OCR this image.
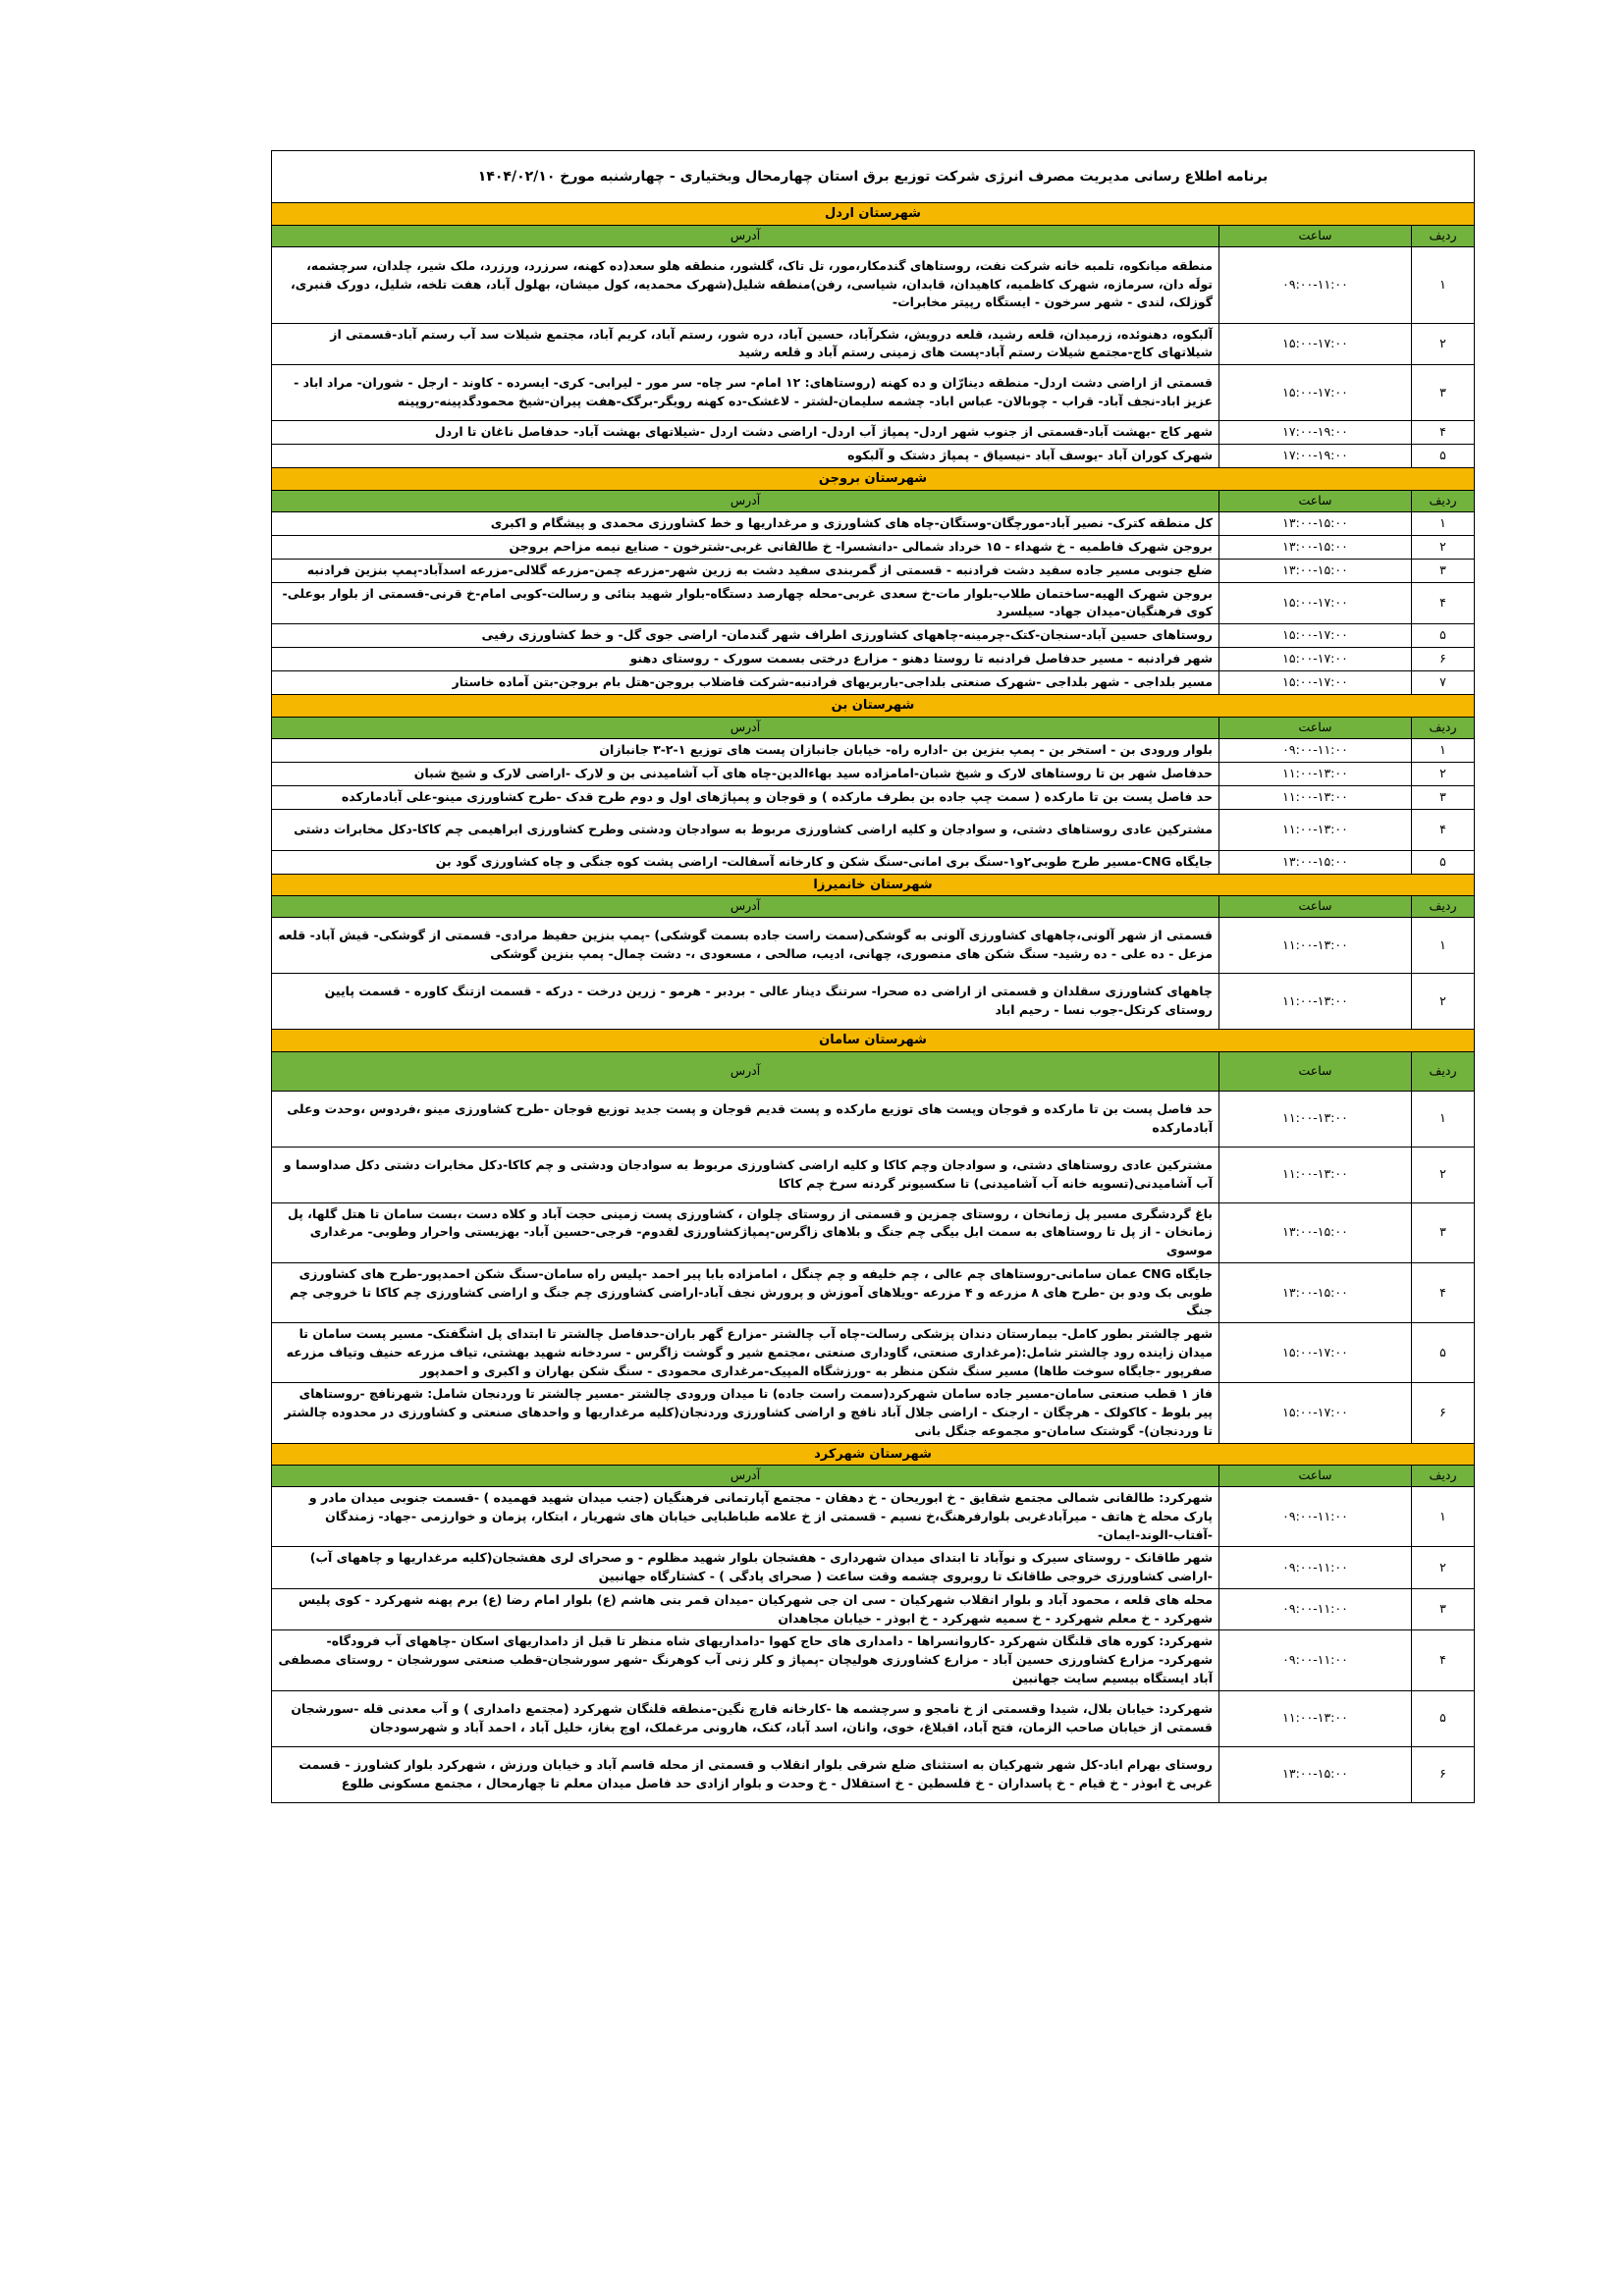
برنامه اطلاع رسانی مدیریت مصرف انرژی شرکت توزیع برق استان چهارمحال وبختیاری - چهارشنبه مورخ ۱۴۰۴/۰۲/۱۰		
شهرستان اردل		
ردیف	ساعت	آدرس
۱	۰۹:۰۰-۱۱:۰۰	منطقه میانکوه، تلمبه خانه شرکت نفت، روستاهای گندمکار،مور، تل تاک، گلشور، منطقه هلو سعد(ده کهنه، سرزرد، ورزرد، ملک شیر، چلدان، سرچشمه، تولَه دان، سرمازه، شهرک کاظمیه، کاهیدان، قابدان، شیاسی، رفن)منطقه شلیل(شهرک محمدیه، کول میشان، بهلول آباد، هفت تلخه، شلیل، دورک قنبری، گوزلک، لندی - شهر سرخون - ایستگاه رپیتر مخابرات-
۲	۱۵:۰۰-۱۷:۰۰	آلبکوه، دهنوئده، زرمیدان، قلعه رشید، قلعه درویش، شکرآباد، حسین آباد، دره شور، رستم آباد، کریم آباد، مجتمع شیلات سد آب رستم آباد-قسمتی از شیلاتهای کاج-مجتمع شیلات رستم آباد-پست های زمینی رستم آباد و قلعه رشید
۳	۱۵:۰۰-۱۷:۰۰	قسمتی از اراضی دشت اردل- منطقه دینارّان و ده کهنه (روستاهای: ۱۲ امام- سر چاه- سر مور - لیرابی- کری- ایسرده - کاوند - ارجل - شوران- مراد اباد - عزیز اباد-نجف آباد- قراب - چوبالان- عباس اباد- چشمه سلیمان-لشتر - لاغشک-ده کهنه رویگر-برگک-هفت پیران-شیخ محمودگدپینه-روپینه
۴	۱۷:۰۰-۱۹:۰۰	شهر کاج -بهشت آباد-قسمتی از جنوب شهر اردل- پمپاژ آب اردل- اراضی دشت اردل -شیلاتهای بهشت آباد- حدفاصل ناغان تا اردل
۵	۱۷:۰۰-۱۹:۰۰	شهرک کوران آباد -یوسف آباد -نیسیاق - پمپاژ دشتک و آلبکوه
شهرستان بروجن		
ردیف	ساعت	آدرس
۱	۱۳:۰۰-۱۵:۰۰	کل منطقه کترک- نصیر آباد-مورچگان-وستگان-چاه های کشاورزی و مرغداریها و خط کشاورزی محمدی و پیشگام و اکبری
۲	۱۳:۰۰-۱۵:۰۰	بروجن شهرک فاطمیه - خ شهداء - ۱۵ خرداد شمالی -دانشسرا- خ طالقانی غربی-شترخون - صنایع نیمه مزاحم بروجن
۳	۱۳:۰۰-۱۵:۰۰	ضلع جنوبی مسیر جاده سفید دشت فرادنبه - قسمتی از گمربندی سفید دشت به زرین شهر-مزرعه چمن-مزرعه گلالی-مزرعه اسدآباد-پمپ بنزین فرادنبه
۴	۱۵:۰۰-۱۷:۰۰	بروجن شهرک الهیه-ساختمان طلاب-بلوار مات-خ سعدی غربی-محله چهارصد دستگاه-بلوار شهید بنائی و رسالت-کوبی امام-خ قرنی-قسمتی از بلوار بوعلی- کوی فرهنگیان-میدان جهاد- سیلسرد
۵	۱۵:۰۰-۱۷:۰۰	روستاهای حسین آباد-سنجان-کتک-چرمینه-چاههای کشاورزی اطراف شهر گندمان- اراضی جوی گل- و خط کشاورزی رفیی
۶	۱۵:۰۰-۱۷:۰۰	شهر فرادنبه - مسیر حدفاصل فرادنبه تا روستا دهنو - مزارع درختی بسمت سورک - روستای دهنو
۷	۱۵:۰۰-۱۷:۰۰	مسیر بلداجی - شهر بلداجی -شهرک صنعتی بلداجی-باربریهای فرادنبه-شرکت فاضلاب بروجن-هتل بام بروجن-بتن آماده خاستار
شهرستان بن		
ردیف	ساعت	آدرس
۱	۰۹:۰۰-۱۱:۰۰	بلوار ورودی بن - استخر بن - پمپ بنزین بن -اداره راه- خیابان جانبازان پست های توزیع ۱-۲-۳ جانبازان
۲	۱۱:۰۰-۱۳:۰۰	حدفاصل شهر بن تا روستاهای لارک و شیخ شبان-امامزاده سید بهاءالدین-چاه های آب آشامیدنی بن و لارک -اراضی لارک و شیخ شبان
۳	۱۱:۰۰-۱۳:۰۰	حد فاصل پست بن تا مارکده ( سمت چپ جاده بن بطرف مارکده ) و قوجان و پمپاژهای اول و دوم طرح قدک -طرح کشاورزی مینو-علی آبادمارکده
۴	۱۱:۰۰-۱۳:۰۰	مشترکین عادی روستاهای دشتی، و سوادجان و کلیه اراضی کشاورزی مربوط به سوادجان ودشتی وطرح کشاورزی ابراهیمی چم کاکا-دکل مخابرات دشتی
۵	۱۳:۰۰-۱۵:۰۰	جایگاه CNG-مسیر طرح طوبی۲و۱-سنگ بری امانی-سنگ شکن و کارخانه آسفالت- اراضی پشت کوه جنگی و چاه کشاورزی گود بن
شهرستان خانمیرزا		
ردیف	ساعت	آدرس
۱	۱۱:۰۰-۱۳:۰۰	قسمتی از شهر آلونی،چاههای کشاورزی آلونی به گوشکی(سمت راست جاده بسمت گوشکی) -پمپ بنزین حفیظ مرادی- قسمتی از گوشکی- قیش آباد- قلعه مزعل - ده علی - ده رشید- سنگ شکن های منصوری، چهانی، ادیب، صالحی ، مسعودی ،- دشت چمال- پمپ بنزین گوشکی
۲	۱۱:۰۰-۱۳:۰۰	چاههای کشاورزی سقلدان و قسمتی از اراضی ده صحرا- سرتنگ دینار عالی - بردبر - هرمو - زرین درخت - درکه - قسمت ازتنگ کاوره - قسمت پایین روستای کرتکل-جوب نسا - رحیم اباد
شهرستان سامان		
ردیف	ساعت	آدرس
۱	۱۱:۰۰-۱۳:۰۰	حد فاصل پست بن تا مارکده و قوجان وپست های توزیع مارکده و پست قدیم قوجان و پست جدید توزیع قوجان -طرح کشاورزی مینو ،فردوس ،وحدت وعلی آبادمارکده
۲	۱۱:۰۰-۱۳:۰۰	مشترکین عادی روستاهای دشتی، و سوادجان وچم کاکا و کلیه اراضی کشاورزی مربوط به سوادجان ودشتی و چم کاکا-دکل مخابرات دشتی دکل صداوسما و آب آشامیدنی(تسویه خانه آب آشامیدنی) تا سکسیونر گردنه سرخ چم کاکا
۳	۱۳:۰۰-۱۵:۰۰	باغ گردشگری مسیر پل زمانخان ، روستای چمزین و قسمتی از روستای چلوان ، کشاورزی پست زمینی حجت آباد و کلاه دست ،بست سامان تا هتل گلها، پل زمانخان - از پل تا روستاهای به سمت ابل بیگی چم جنگ و بلاهای زاگرس-پمپاژکشاورزی لقدوم- فرجی-حسین آباد- بهزیستی واحرار وطوبی- مرغداری موسوی
۴	۱۳:۰۰-۱۵:۰۰	جایگاه CNG عمان سامانی-روستاهای چم عالی ، چم خلیفه و چم چنگل ، امامزاده بابا پیر احمد -پلیس راه سامان-سنگ شکن احمدپور-طرح های کشاورزی طوبی بک ودو بن -طرح های ۸ مزرعه و ۴ مزرعه -ویلاهای آموزش و پرورش نجف آباد-اراضی کشاورزی چم جنگ و اراضی کشاورزی چم کاکا تا خروجی چم جنگ
۵	۱۵:۰۰-۱۷:۰۰	شهر چالشتر بطور کامل- بیمارستان دندان پزشکی رسالت-چاه آب چالشتر -مزارع گهر باران-حدفاصل چالشتر تا ابتدای پل اشگفتک- مسیر پست سامان تا میدان زاینده رود چالشتر شامل:(مرغداری صنعتی، گاوداری صنعتی ،مجتمع شیر و گوشت زاگرس - سردخانه شهید بهشتی، تیاف مزرعه حنیف وتیاف مزرعه صفرپور -جایگاه سوخت طاها) مسیر سنگ شکن منظر به -ورزشگاه المپیک-مرغداری محمودی - سنگ شکن بهاران و اکبری و احمدپور
۶	۱۵:۰۰-۱۷:۰۰	فاز ۱ قطب صنعتی سامان-مسیر جاده سامان شهرکرد(سمت راست جاده) تا میدان ورودی چالشتر -مسیر چالشتر تا وردنجان شامل: شهرنافچ -روستاهای پیر بلوط - کاکولک - هرچگان - ارجنک - اراضی جلال آباد نافچ و اراضی کشاورزی وردنجان(کلیه مرغداریها و واحدهای صنعتی و کشاورزی در محدوده چالشتر تا وردنجان)- گوشتک سامان-و مجموعه جنگل بانی
شهرستان شهرکرد		
ردیف	ساعت	آدرس
۱	۰۹:۰۰-۱۱:۰۰	شهرکرد: طالقانی شمالی مجتمع شقایق - خ ابوریحان - خ دهقان - مجتمع آپارتمانی فرهنگیان (جنب میدان شهید فهمیده ) -قسمت جنوبی میدان مادر و پارک محله خ هاتف - میرآبادغربی بلوارفرهنگ،خ نسیم - قسمتی از خ علامه طباطبایی خیابان های شهریار ، ابتکار، پزمان و خوارزمی -جهاد- زمندگان -آفتاب-الوند-ایمان-
۲	۰۹:۰۰-۱۱:۰۰	شهر طاقانک - روستای سیرک و نوآباد تا ابتدای میدان شهرداری - هفشجان بلوار شهید مظلوم - و صحرای لری هفشجان(کلیه مرغداریها و چاههای آب) -اراضی کشاورزی خروجی طاقانک تا روبروی چشمه وقت ساعت ( صحرای پادگی ) - کشتارگاه جهانبین
۳	۰۹:۰۰-۱۱:۰۰	محله های قلعه ، محمود آباد و بلوار انقلاب شهرکیان - سی ان جی شهرکیان -میدان قمر بنی هاشم (ع) بلوار امام رضا (ع) برم پهنه شهرکرد - کوی پلیس شهرکرد - خ معلم شهرکرد - خ سمیه شهرکرد - خ ابوذر - خیابان مجاهدان
۴	۰۹:۰۰-۱۱:۰۰	شهرکرد: کوره های قلنگان شهرکرد -کاروانسراها - دامداری های حاج کهوا -دامداریهای شاه منظر تا قبل از دامداریهای اسکان -چاههای آب فرودگاه-شهرکرد- مزارع کشاورزی حسین آباد - مزارع کشاورزی هولیچان -پمپاژ و کلر زنی آب کوهرنگ -شهر سورشجان-قطب صنعتی سورشجان - روستای مصطفی آباد ایستگاه بیسیم سایت جهانبین
۵	۱۱:۰۰-۱۳:۰۰	شهرکرد: خیابان بلال، شیدا وقسمتی از خ نامجو و سرچشمه ها -کارخانه قارچ نگین-منطقه قلنگان شهرکرد (مجتمع دامداری ) و آب معدنی قله -سورشجان قسمتی از خیابان صاحب الزمان، فتح آباد، اقبلاغ، خوی، وانان، اسد آباد، کنک، هارونی مرغملک، اوچ بغاز، خلیل آباد ، احمد آباد و شهرسودجان
۶	۱۳:۰۰-۱۵:۰۰	روستای بهرام اباد-کل شهر شهرکیان به استثنای ضلع شرقی بلوار انقلاب و قسمتی از محله قاسم آباد و خیابان ورزش ، شهرکرد بلوار کشاورز - قسمت غربی خ ابوذر - خ قیام - خ پاسداران - خ فلسطین - خ استقلال - خ وحدت و بلوار ازادی حد فاصل میدان معلم تا چهارمحال ، مجتمع مسکونی طلوع
